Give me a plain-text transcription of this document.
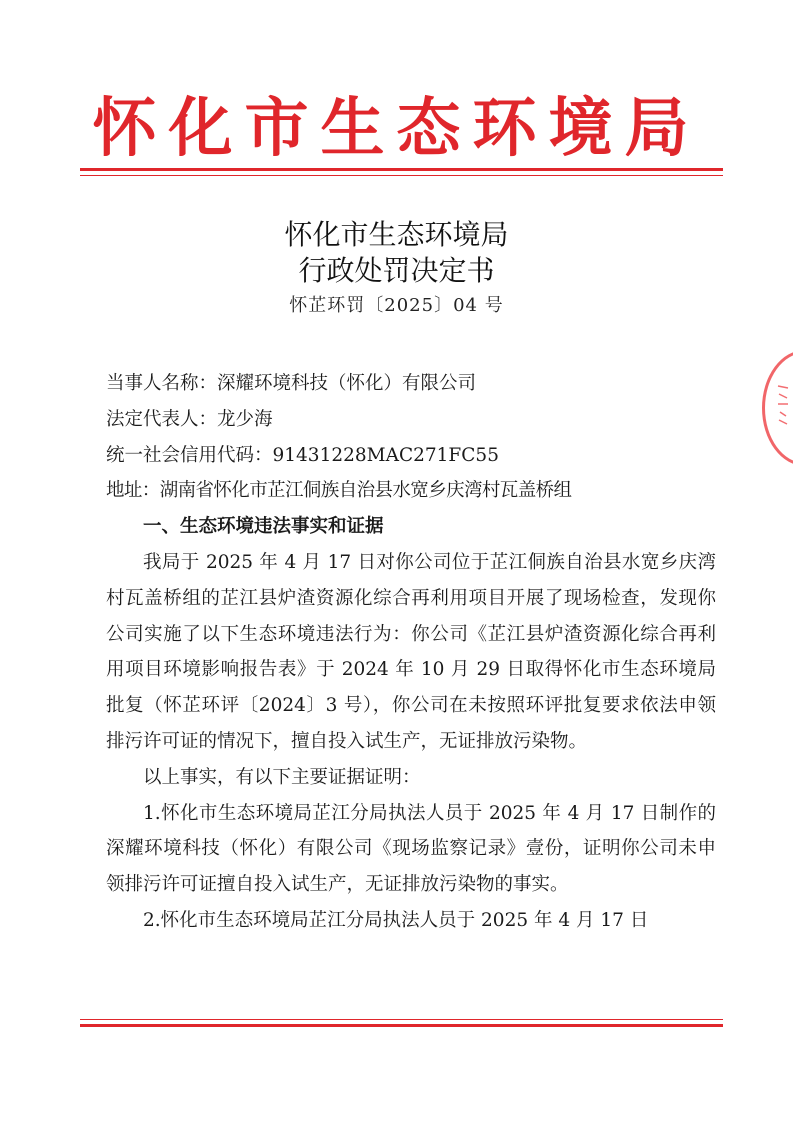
怀化市生态环境局
怀化市生态环境局
行政处罚决定书
怀芷环罚〔2025〕04 号

当事人名称：深耀环境科技（怀化）有限公司

法定代表人：龙少海

统一社会信用代码：91431228MAC271FC55

地址：湖南省怀化市芷江侗族自治县水宽乡庆湾村瓦盖桥组

一、生态环境违法事实和证据

我局于 2025 年 4 月 17 日对你公司位于芷江侗族自治县水宽乡庆湾村瓦盖桥组的芷江县炉渣资源化综合再利用项目开展了现场检查，发现你公司实施了以下生态环境违法行为：你公司《芷江县炉渣资源化综合再利用项目环境影响报告表》于 2024 年 10 月 29 日取得怀化市生态环境局批复（怀芷环评〔2024〕3 号），你公司在未按照环评批复要求依法申领排污许可证的情况下，擅自投入试生产，无证排放污染物。

以上事实，有以下主要证据证明：

1.怀化市生态环境局芷江分局执法人员于 2025 年 4 月 17 日制作的深耀环境科技（怀化）有限公司《现场监察记录》壹份，证明你公司未申领排污许可证擅自投入试生产，无证排放污染物的事实。

2.怀化市生态环境局芷江分局执法人员于 2025 年 4 月 17 日
